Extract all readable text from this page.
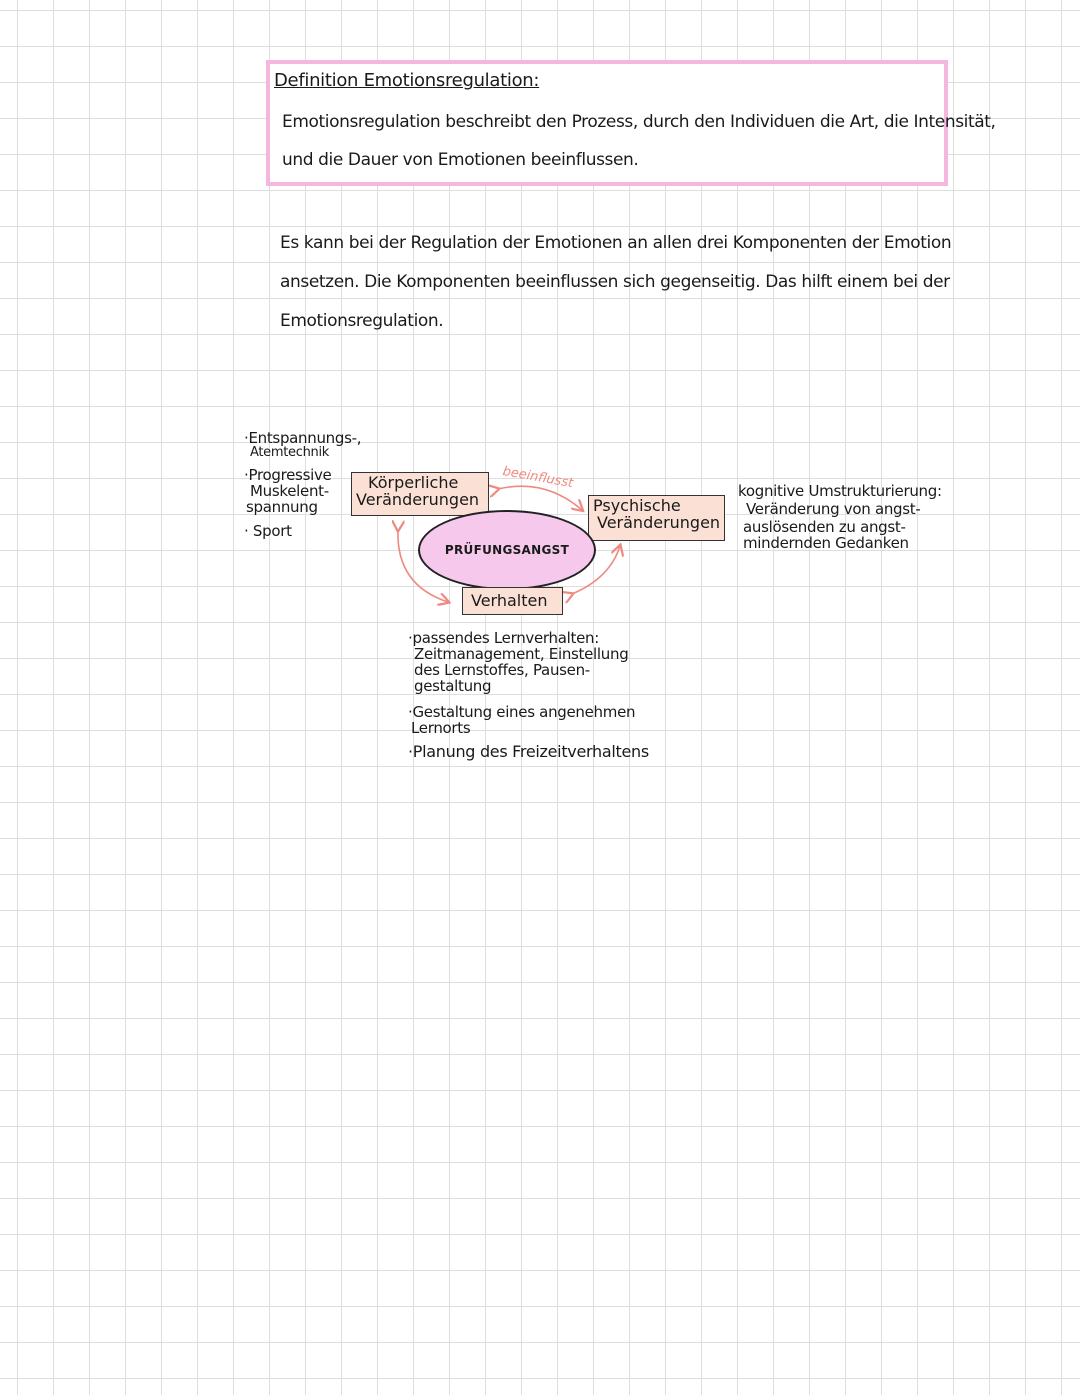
Definition Emotionsregulation:
Emotionsregulation beschreibt den Prozess, durch den Individuen die Art, die Intensität,
und die Dauer von Emotionen beeinflussen.
Es kann bei der Regulation der Emotionen an allen drei Komponenten der Emotion
ansetzen. Die Komponenten beeinflussen sich gegenseitig. Das hilft einem bei der
Emotionsregulation.
beeinflusst
Körperliche
Veränderungen	Psychische
Veränderungen
PRÜFUNGSANGST
Verhalten
·Entspannungs-,
Atemtechnik
·Progressive
Muskelent-
spannung
· Sport
kognitive Umstrukturierung:
Veränderung von angst-
auslösenden zu angst-
mindernden Gedanken
·passendes Lernverhalten:
Zeitmanagement, Einstellung
des Lernstoffes, Pausen-
gestaltung
·Gestaltung eines angenehmen
Lernorts
·Planung des Freizeitverhaltens
